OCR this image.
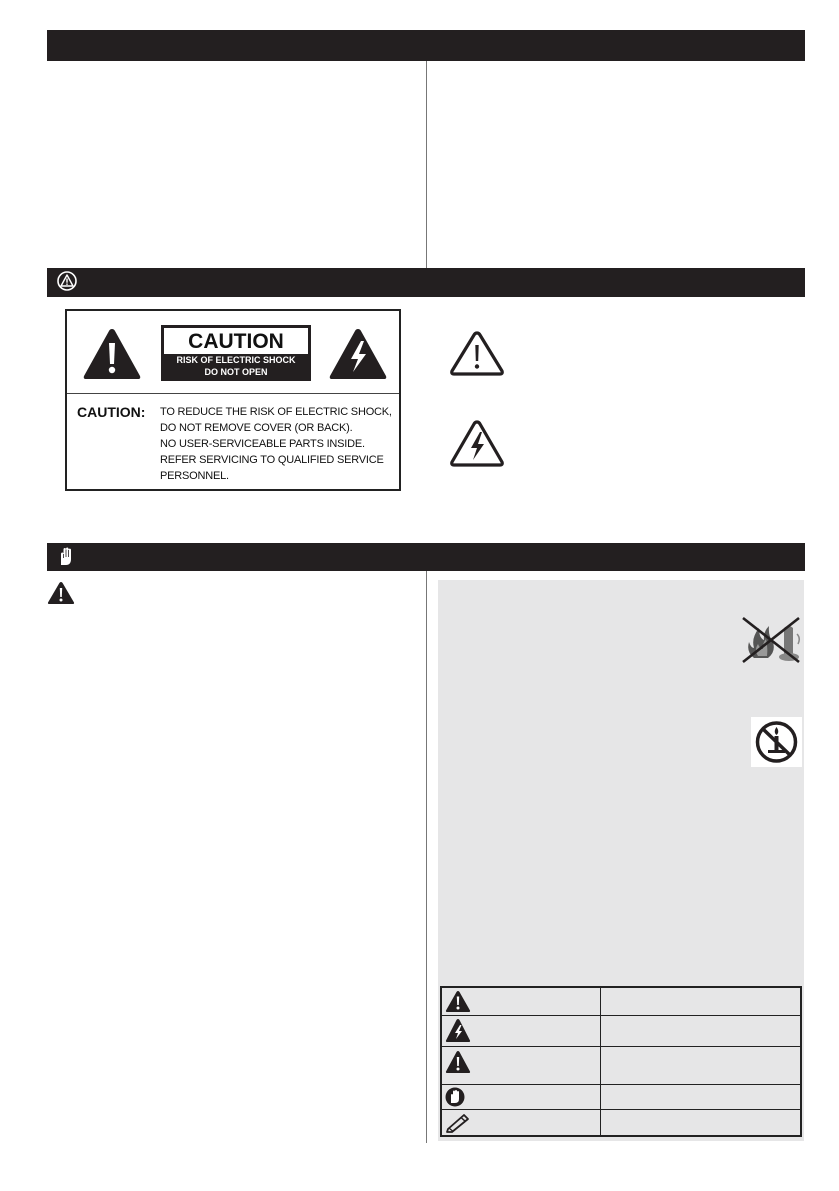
CAUTION
RISK OF ELECTRIC SHOCK
DO NOT OPEN
CAUTION: TO REDUCE THE RISK OF ELECTRIC SHOCK,
DO NOT REMOVE COVER (OR BACK).
NO USER-SERVICEABLE PARTS INSIDE.
REFER SERVICING TO QUALIFIED SERVICE
PERSONNEL.
